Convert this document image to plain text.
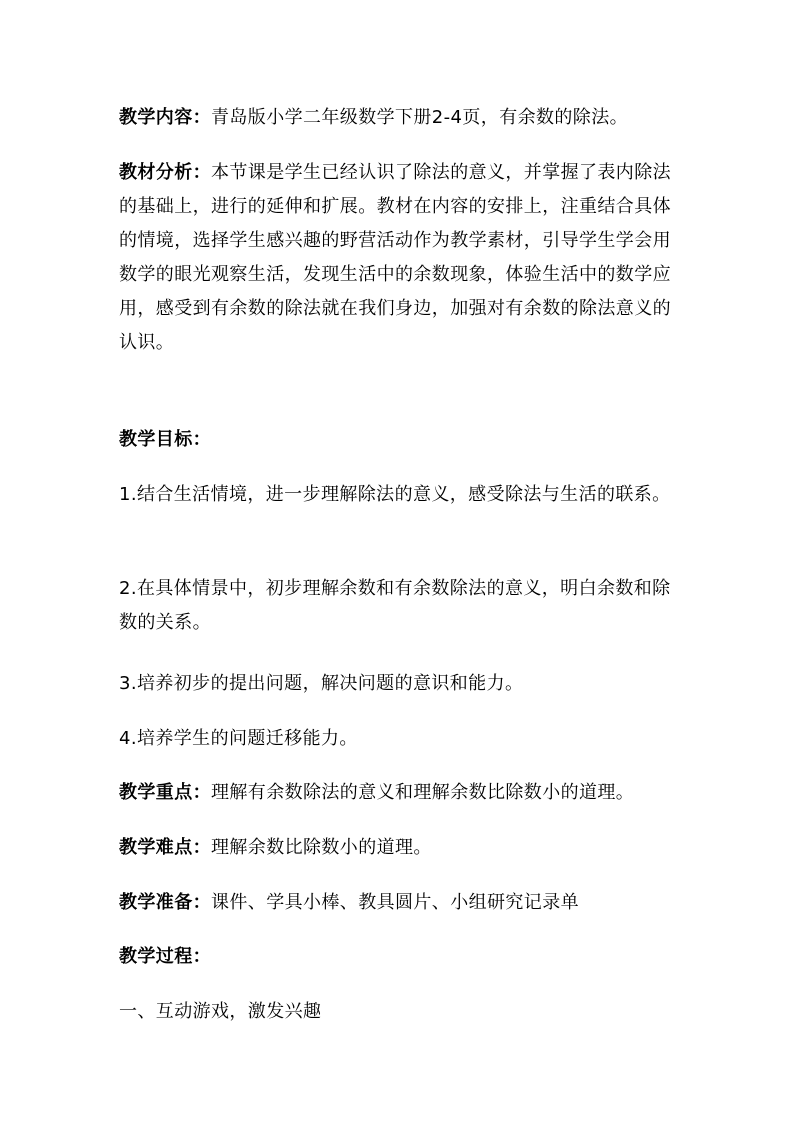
教学内容：青岛版小学二年级数学下册2-4页，有余数的除法。

教材分析：本节课是学生已经认识了除法的意义，并掌握了表内除法的基础上，进行的延伸和扩展。教材在内容的安排上，注重结合具体的情境，选择学生感兴趣的野营活动作为教学素材，引导学生学会用数学的眼光观察生活，发现生活中的余数现象，体验生活中的数学应用，感受到有余数的除法就在我们身边，加强对有余数的除法意义的认识。

教学目标：

1.结合生活情境，进一步理解除法的意义，感受除法与生活的联系。

2.在具体情景中，初步理解余数和有余数除法的意义，明白余数和除数的关系。

3.培养初步的提出问题，解决问题的意识和能力。

4.培养学生的问题迁移能力。

教学重点：理解有余数除法的意义和理解余数比除数小的道理。

教学难点：理解余数比除数小的道理。

教学准备：课件、学具小棒、教具圆片、小组研究记录单

教学过程：

一、互动游戏，激发兴趣
